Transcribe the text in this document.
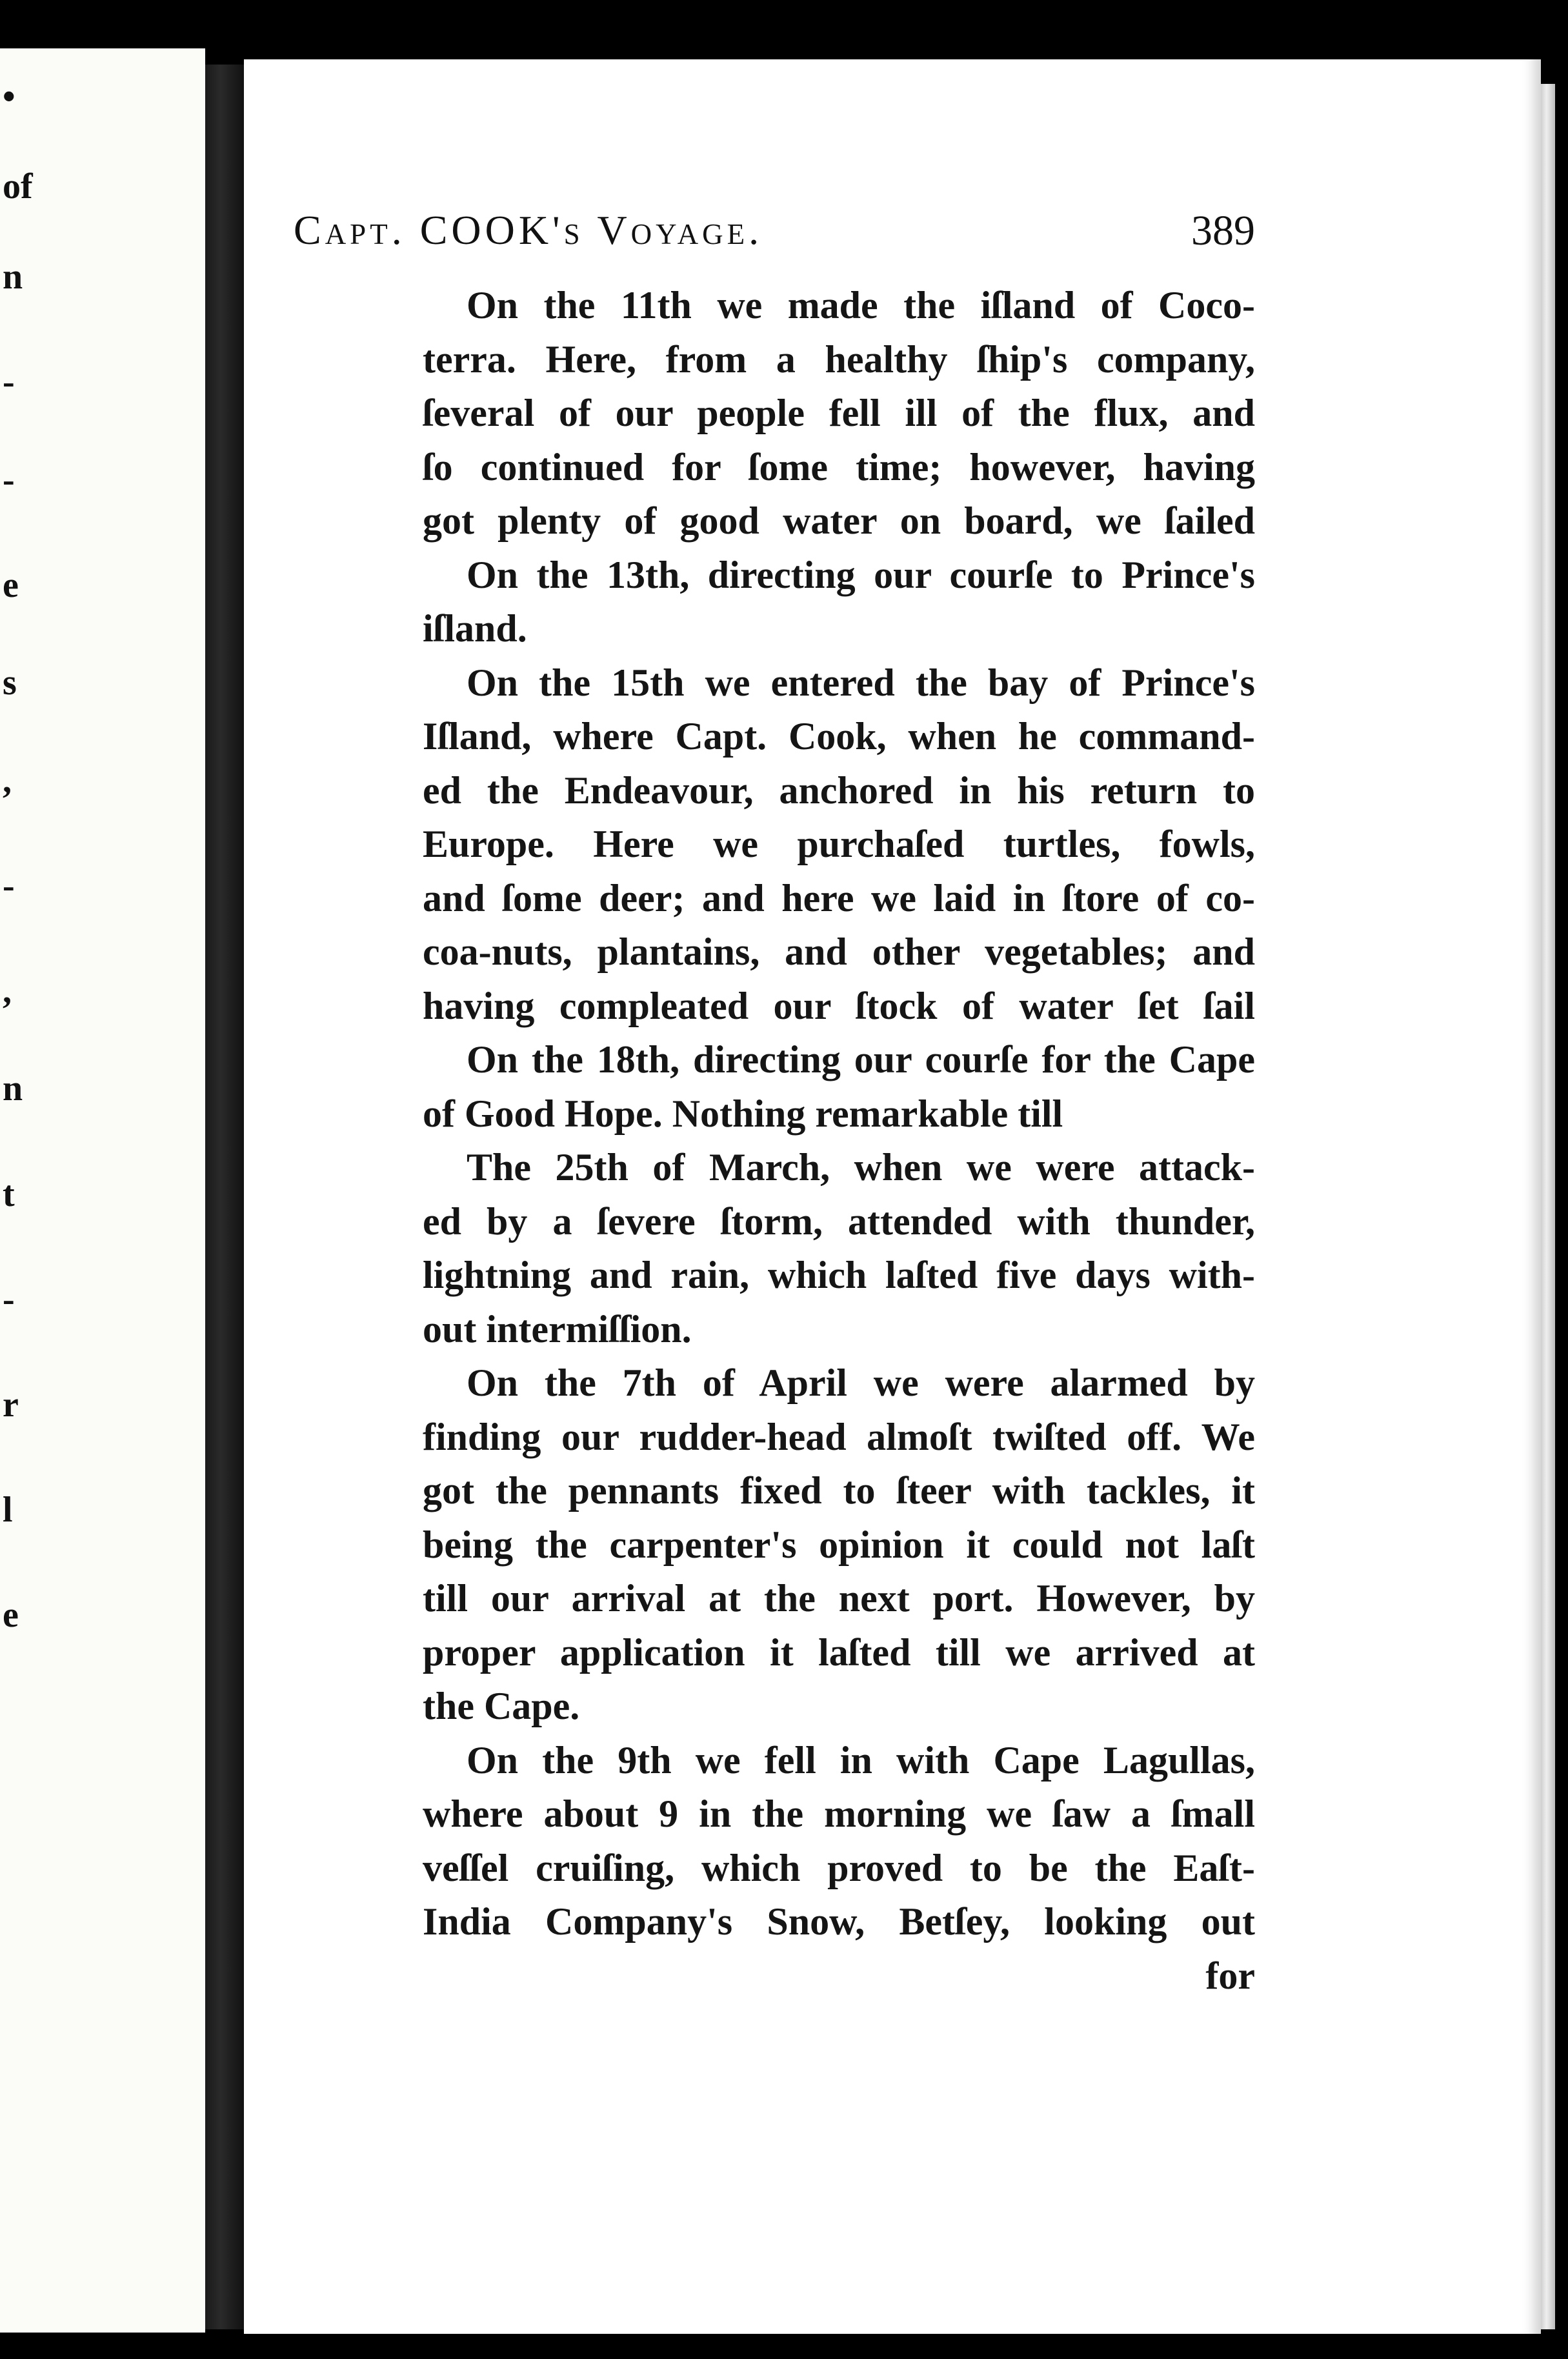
•
of
n
-
-
e
s
,
-
,
n
t
-
r
l
e
Capt. COOK's Voyage.	389
On the 11th we made the iſland of Coco-
terra. Here, from a healthy ſhip's company,
ſeveral of our people fell ill of the flux, and
ſo continued for ſome time; however, having
got plenty of good water on board, we ſailed
On the 13th, directing our courſe to Prince's
iſland.
On the 15th we entered the bay of Prince's
Iſland, where Capt. Cook, when he command-
ed the Endeavour, anchored in his return to
Europe. Here we purchaſed turtles, fowls,
and ſome deer; and here we laid in ſtore of co-
coa-nuts, plantains, and other vegetables; and
having compleated our ſtock of water ſet ſail
On the 18th, directing our courſe for the Cape
of Good Hope. Nothing remarkable till
The 25th of March, when we were attack-
ed by a ſevere ſtorm, attended with thunder,
lightning and rain, which laſted five days with-
out intermiſſion.
On the 7th of April we were alarmed by
finding our rudder-head almoſt twiſted off. We
got the pennants fixed to ſteer with tackles, it
being the carpenter's opinion it could not laſt
till our arrival at the next port. However, by
proper application it laſted till we arrived at
the Cape.
On the 9th we fell in with Cape Lagullas,
where about 9 in the morning we ſaw a ſmall
veſſel cruiſing, which proved to be the Eaſt-
India Company's Snow, Betſey, looking out
for
